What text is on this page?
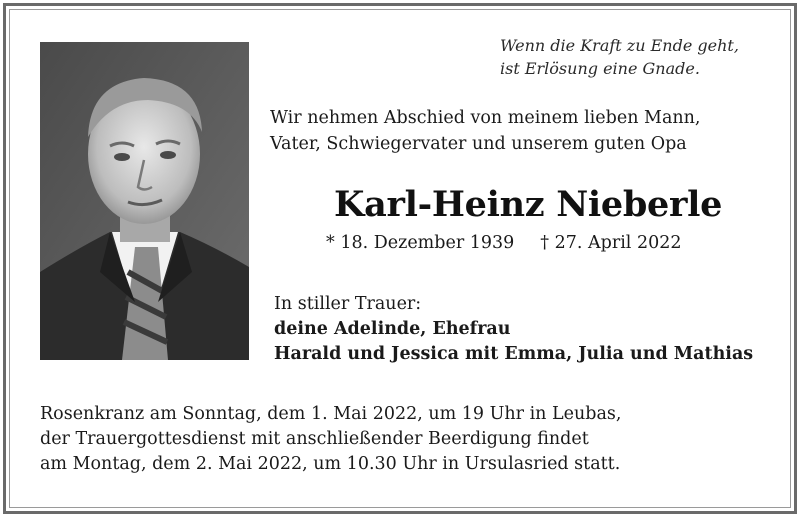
Wenn die Kraft zu Ende geht,
ist Erlösung eine Gnade.
Wir nehmen Abschied von meinem lieben Mann,
Vater, Schwiegervater und unserem guten Opa
Karl-Heinz Nieberle
* 18. Dezember 1939 † 27. April 2022
In stiller Trauer:
deine Adelinde, Ehefrau
Harald und Jessica mit Emma, Julia und Mathias
Rosenkranz am Sonntag, dem 1. Mai 2022, um 19 Uhr in Leubas,
der Trauergottesdienst mit anschließender Beerdigung findet
am Montag, dem 2. Mai 2022, um 10.30 Uhr in Ursulasried statt.
